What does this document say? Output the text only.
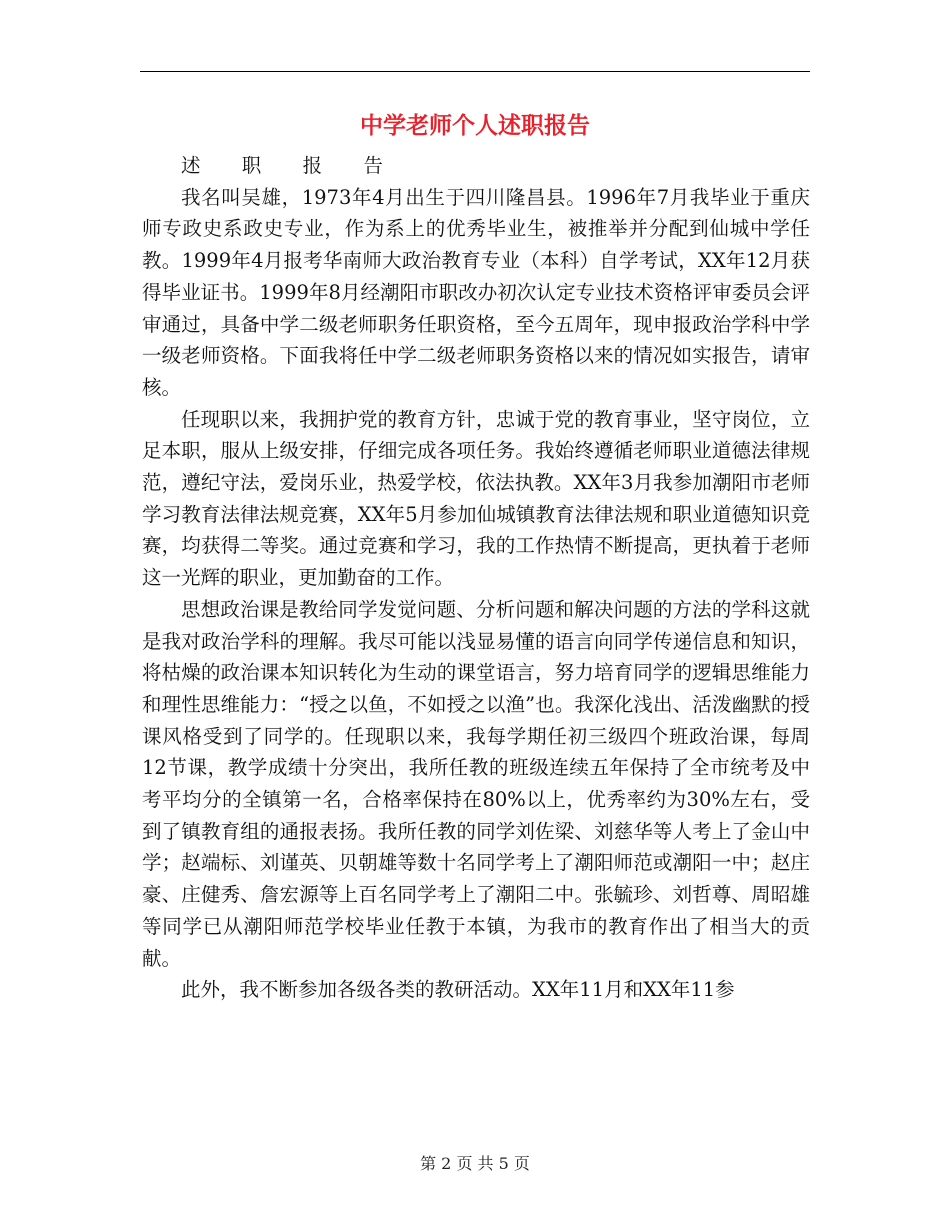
中学老师个人述职报告

述 职 报 告

我名叫吴雄，1973年4月出生于四川隆昌县。1996年7月我毕业于重庆师专政史系政史专业，作为系上的优秀毕业生，被推举并分配到仙城中学任教。1999年4月报考华南师大政治教育专业（本科）自学考试，XX年12月获得毕业证书。1999年8月经潮阳市职改办初次认定专业技术资格评审委员会评审通过，具备中学二级老师职务任职资格，至今五周年，现申报政治学科中学一级老师资格。下面我将任中学二级老师职务资格以来的情况如实报告，请审核。

任现职以来，我拥护党的教育方针，忠诚于党的教育事业，坚守岗位，立足本职，服从上级安排，仔细完成各项任务。我始终遵循老师职业道德法律规范，遵纪守法，爱岗乐业，热爱学校，依法执教。XX年3月我参加潮阳市老师学习教育法律法规竞赛，XX年5月参加仙城镇教育法律法规和职业道德知识竞赛，均获得二等奖。通过竞赛和学习，我的工作热情不断提高，更执着于老师这一光辉的职业，更加勤奋的工作。

思想政治课是教给同学发觉问题、分析问题和解决问题的方法的学科这就是我对政治学科的理解。我尽可能以浅显易懂的语言向同学传递信息和知识，将枯燥的政治课本知识转化为生动的课堂语言，努力培育同学的逻辑思维能力和理性思维能力：“授之以鱼，不如授之以渔”也。我深化浅出、活泼幽默的授课风格受到了同学的。任现职以来，我每学期任初三级四个班政治课，每周12节课，教学成绩十分突出，我所任教的班级连续五年保持了全市统考及中考平均分的全镇第一名，合格率保持在80%以上，优秀率约为30%左右，受到了镇教育组的通报表扬。我所任教的同学刘佐梁、刘慈华等人考上了金山中学；赵端标、刘谨英、贝朝雄等数十名同学考上了潮阳师范或潮阳一中；赵庄豪、庄健秀、詹宏源等上百名同学考上了潮阳二中。张毓珍、刘哲尊、周昭雄等同学已从潮阳师范学校毕业任教于本镇，为我市的教育作出了相当大的贡献。

此外，我不断参加各级各类的教研活动。XX年11月和XX年11参

第 2 页 共 5 页
